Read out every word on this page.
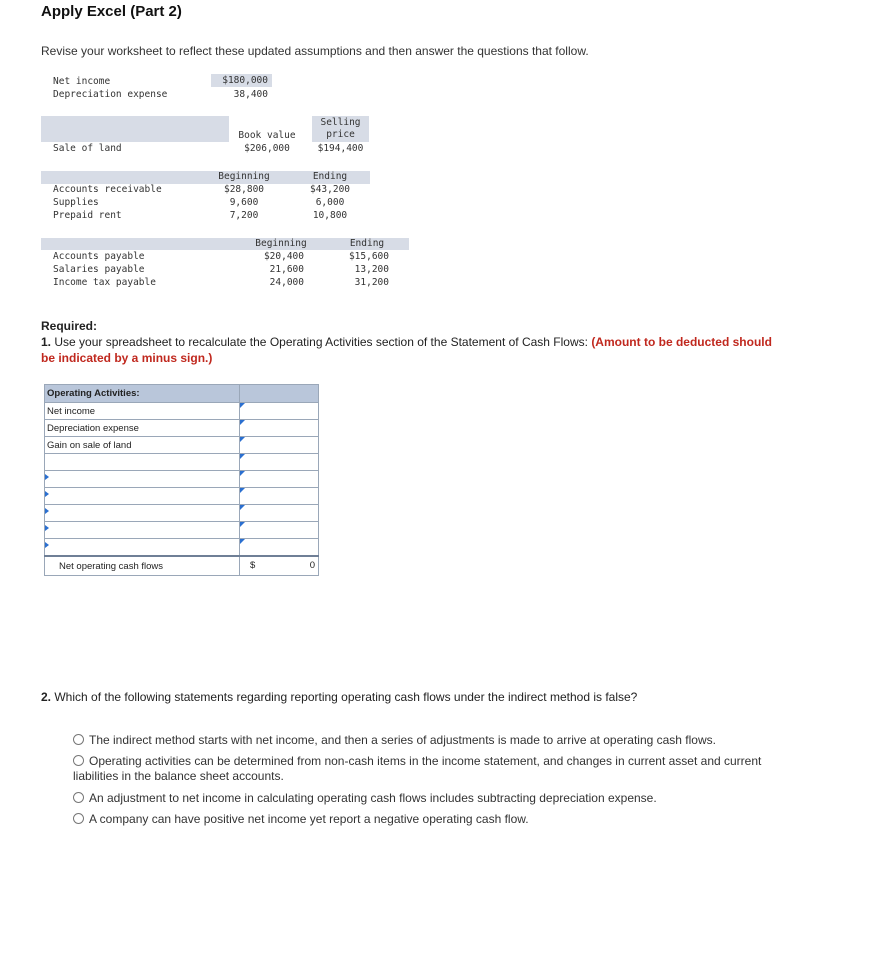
Apply Excel (Part 2)
Revise your worksheet to reflect these updated assumptions and then answer the questions that follow.
Net income	$180,000
Depreciation expense	38,400
Selling
price
Book value
Sale of land	$206,000	$194,400
Beginning	Ending
Accounts receivable	$28,800	$43,200
Supplies	9,600	6,000
Prepaid rent	7,200	10,800
Beginning	Ending
Accounts payable	$20,400	$15,600
Salaries payable	21,600	13,200
Income tax payable	24,000	31,200
Required:
1. Use your spreadsheet to recalculate the Operating Activities section of the Statement of Cash Flows: (Amount to be deducted should be indicated by a minus sign.)
Operating Activities:	
Net income	

Depreciation expense	

Gain on sale of land	

Net operating cash flows	$ 0
2. Which of the following statements regarding reporting operating cash flows under the indirect method is false?
The indirect method starts with net income, and then a series of adjustments is made to arrive at operating cash flows.
Operating activities can be determined from non-cash items in the income statement, and changes in current asset and current liabilities in the balance sheet accounts.
An adjustment to net income in calculating operating cash flows includes subtracting depreciation expense.
A company can have positive net income yet report a negative operating cash flow.
